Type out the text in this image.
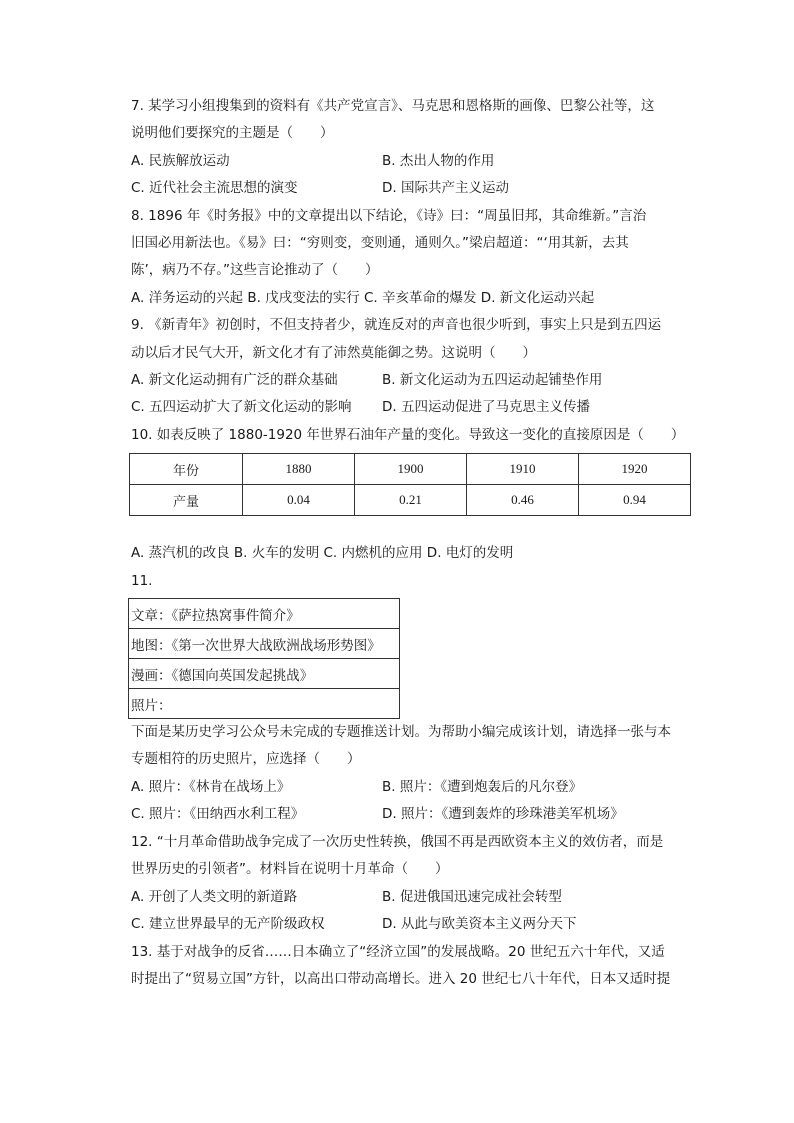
7. 某学习小组搜集到的资料有《共产党宣言》、马克思和恩格斯的画像、巴黎公社等，这
说明他们要探究的主题是（　　）
A. 民族解放运动	B. 杰出人物的作用
C. 近代社会主流思想的演变	D. 国际共产主义运动
8. 1896 年《时务报》中的文章提出以下结论，《诗》曰：“周虽旧邦，其命维新。”言治
旧国必用新法也。《易》曰：“穷则变，变则通，通则久。”梁启超道：“‘用其新，去其
陈’，病乃不存。”这些言论推动了（　　）
A. 洋务运动的兴起 B. 戊戌变法的实行 C. 辛亥革命的爆发 D. 新文化运动兴起
9. 《新青年》初创时，不但支持者少，就连反对的声音也很少听到，事实上只是到五四运
动以后才民气大开，新文化才有了沛然莫能御之势。这说明（　　）
A. 新文化运动拥有广泛的群众基础	B. 新文化运动为五四运动起铺垫作用
C. 五四运动扩大了新文化运动的影响 D. 五四运动促进了马克思主义传播
10. 如表反映了 1880-1920 年世界石油年产量的变化。导致这一变化的直接原因是（　　）
年份	1880	1900	1910	1920
产量	0.04	0.21	0.46	0.94
A. 蒸汽机的改良 B. 火车的发明 C. 内燃机的应用 D. 电灯的发明
11.
文章：《萨拉热窝事件简介》
地图：《第一次世界大战欧洲战场形势图》
漫画：《德国向英国发起挑战》
照片：
下面是某历史学习公众号未完成的专题推送计划。为帮助小编完成该计划，请选择一张与本
专题相符的历史照片，应选择（　　）
A. 照片：《林肯在战场上》	B. 照片：《遭到炮轰后的凡尔登》
C. 照片：《田纳西水利工程》	D. 照片：《遭到轰炸的珍珠港美军机场》
12. “十月革命借助战争完成了一次历史性转换，俄国不再是西欧资本主义的效仿者，而是
世界历史的引领者”。材料旨在说明十月革命（　　）
A. 开创了人类文明的新道路	B. 促进俄国迅速完成社会转型
C. 建立世界最早的无产阶级政权	D. 从此与欧美资本主义两分天下
13. 基于对战争的反省……日本确立了“经济立国”的发展战略。20 世纪五六十年代，又适
时提出了“贸易立国”方针，以高出口带动高增长。进入 20 世纪七八十年代，日本又适时提
